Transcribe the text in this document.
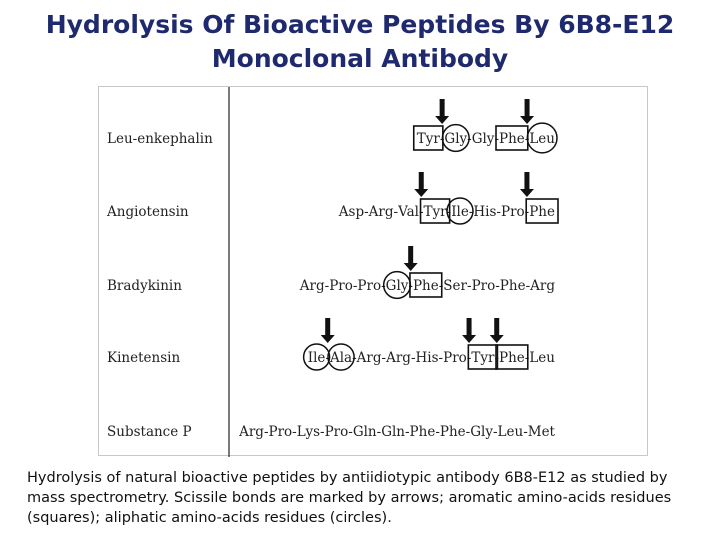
Hydrolysis Of Bioactive Peptides By 6B8-E12
Monoclonal Antibody
Leu-enkephalin	Tyr - Gly - Gly - Phe - Leu
Angiotensin	Asp - Arg - Val - Tyr - Ile - His - Pro - Phe
Bradykinin	Arg - Pro - Pro - Gly - Phe - Ser - Pro - Phe - Arg
Kinetensin	Ile - Ala - Arg - Arg - His - Pro - Tyr - Phe - Leu
Substance P	Arg - Pro - Lys - Pro - Gln - Gln - Phe - Phe - Gly - Leu - Met

Hydrolysis of natural bioactive peptides by antiidiotypic antibody 6B8-E12 as studied by mass spectrometry. Scissile bonds are marked by arrows; aromatic amino-acids residues (squares); aliphatic amino-acids residues (circles).
